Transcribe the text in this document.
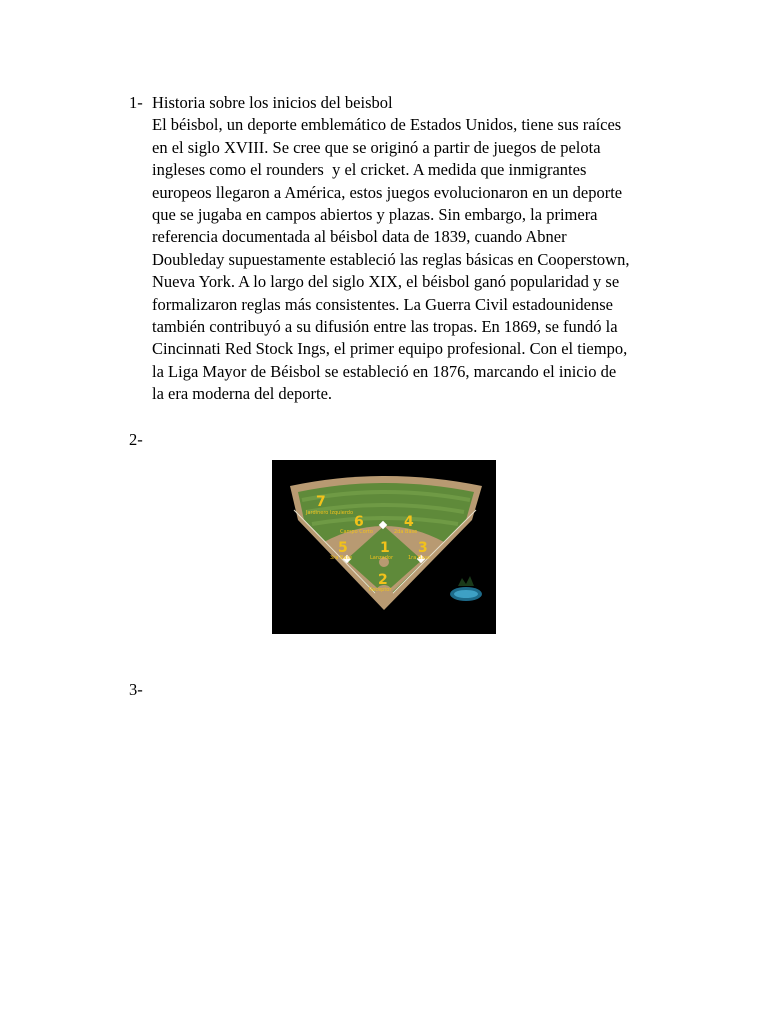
1- Historia sobre los inicios del beisbol
El béisbol, un deporte emblemático de Estados Unidos, tiene sus raíces
en el siglo XVIII. Se cree que se originó a partir de juegos de pelota
ingleses como el rounders  y el cricket. A medida que inmigrantes
europeos llegaron a América, estos juegos evolucionaron en un deporte
que se jugaba en campos abiertos y plazas. Sin embargo, la primera
referencia documentada al béisbol data de 1839, cuando Abner
Doubleday supuestamente estableció las reglas básicas en Cooperstown,
Nueva York. A lo largo del siglo XIX, el béisbol ganó popularidad y se
formalizaron reglas más consistentes. La Guerra Civil estadounidense
también contribuyó a su difusión entre las tropas. En 1869, se fundó la
Cincinnati Red Stock Ings, el primer equipo profesional. Con el tiempo,
la Liga Mayor de Béisbol se estableció en 1876, marcando el inicio de
la era moderna del deporte.
2-
7
6	4
5 1 3
2
Jardinero Izquierdo
Campo Corto	2da Base
3ra Base	Lanzador	1ra Base
Receptor
3-
